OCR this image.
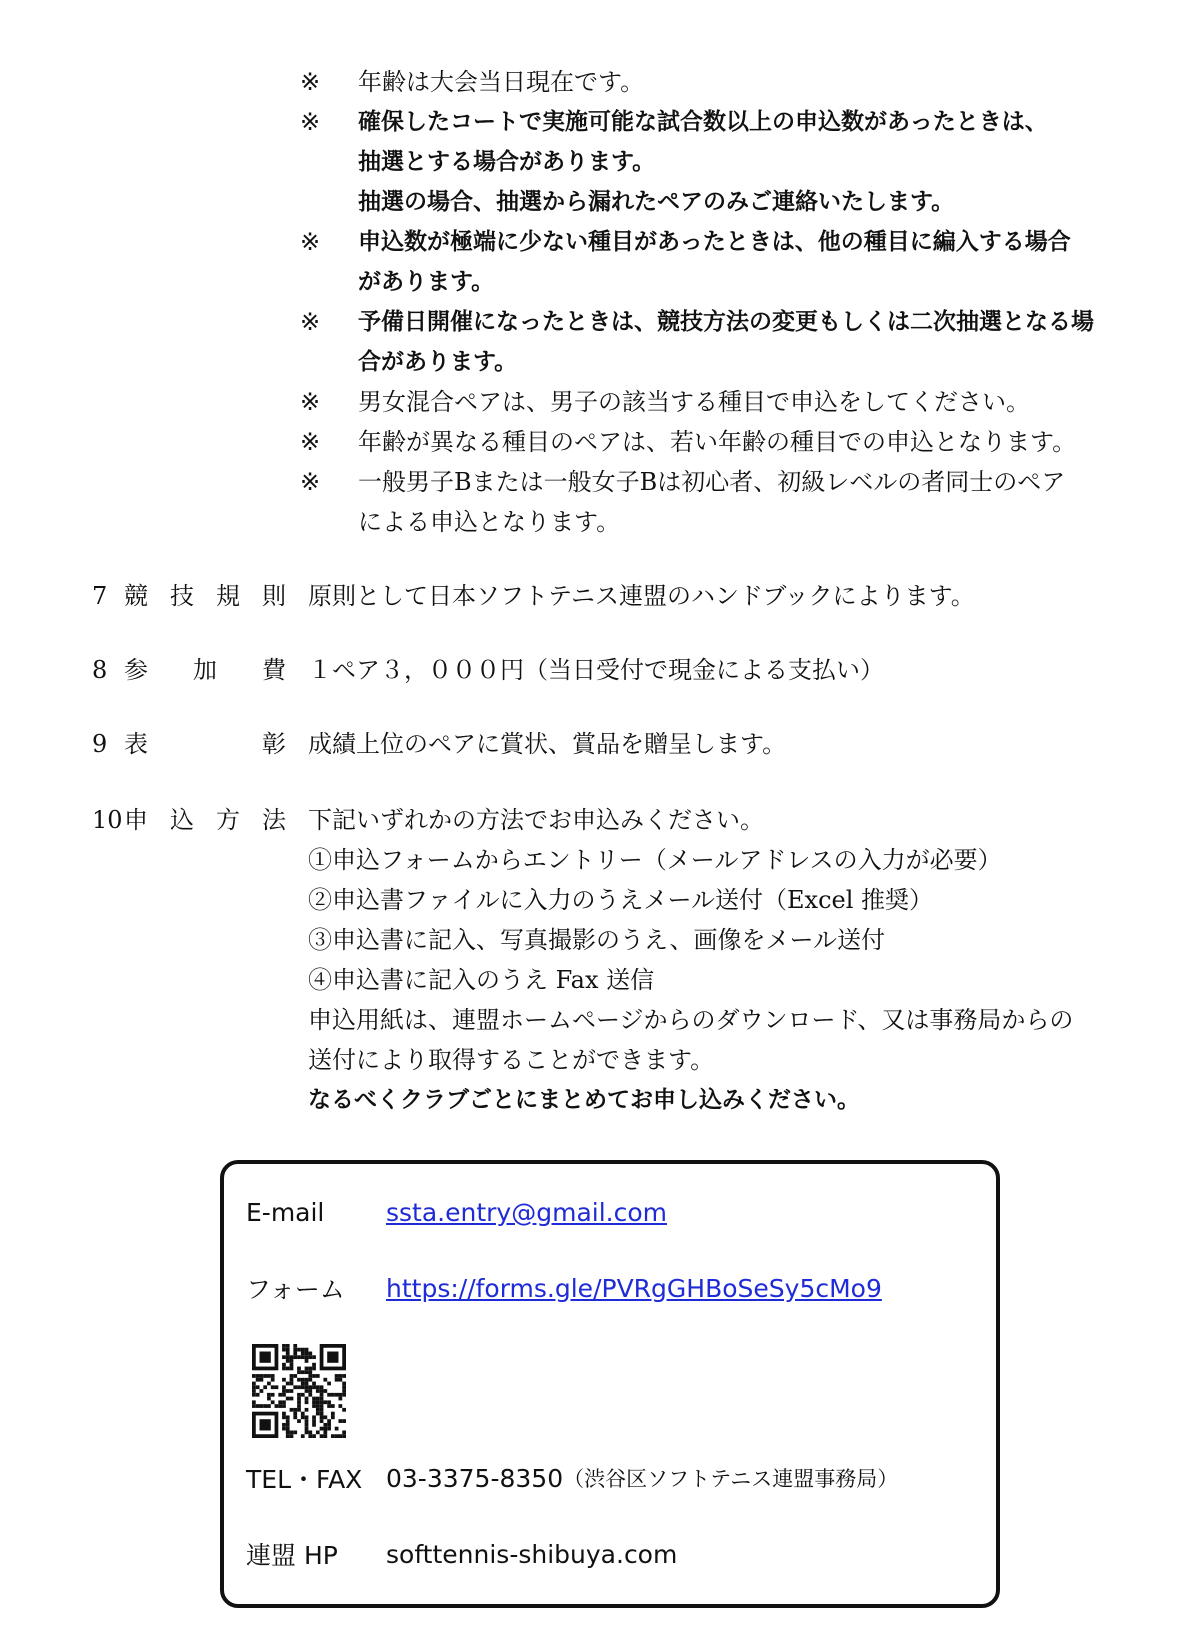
※	年齢は大会当日現在です。
※	確保したコートで実施可能な試合数以上の申込数があったときは、
抽選とする場合があります。
抽選の場合、抽選から漏れたペアのみご連絡いたします。
※	申込数が極端に少ない種目があったときは、他の種目に編入する場合
があります。
※	予備日開催になったときは、競技方法の変更もしくは二次抽選となる場
合があります。
※	男女混合ペアは、男子の該当する種目で申込をしてください。
※	年齢が異なる種目のペアは、若い年齢の種目での申込となります。
※	一般男子Bまたは一般女子Bは初心者、初級レベルの者同士のペア
による申込となります。
7 競 技 規 則 原則として日本ソフトテニス連盟のハンドブックによります。
8 参 加 費 １ペア３，０００円（当日受付で現金による支払い）
9 表	彰 成績上位のペアに賞状、賞品を贈呈します。
10 申 込 方 法 下記いずれかの方法でお申込みください。
①申込フォームからエントリー（メールアドレスの入力が必要）
②申込書ファイルに入力のうえメール送付（Excel 推奨）
③申込書に記入、写真撮影のうえ、画像をメール送付
④申込書に記入のうえ Fax 送信
申込用紙は、連盟ホームページからのダウンロード、又は事務局からの
送付により取得することができます。
なるべくクラブごとにまとめてお申し込みください。
E-mail	ssta.entry@gmail.com
フォーム	https://forms.gle/PVRgGHBoSeSy5cMo9
TEL・FAX 03-3375-8350 （渋谷区ソフトテニス連盟事務局）
連盟 HP	softtennis-shibuya.com
